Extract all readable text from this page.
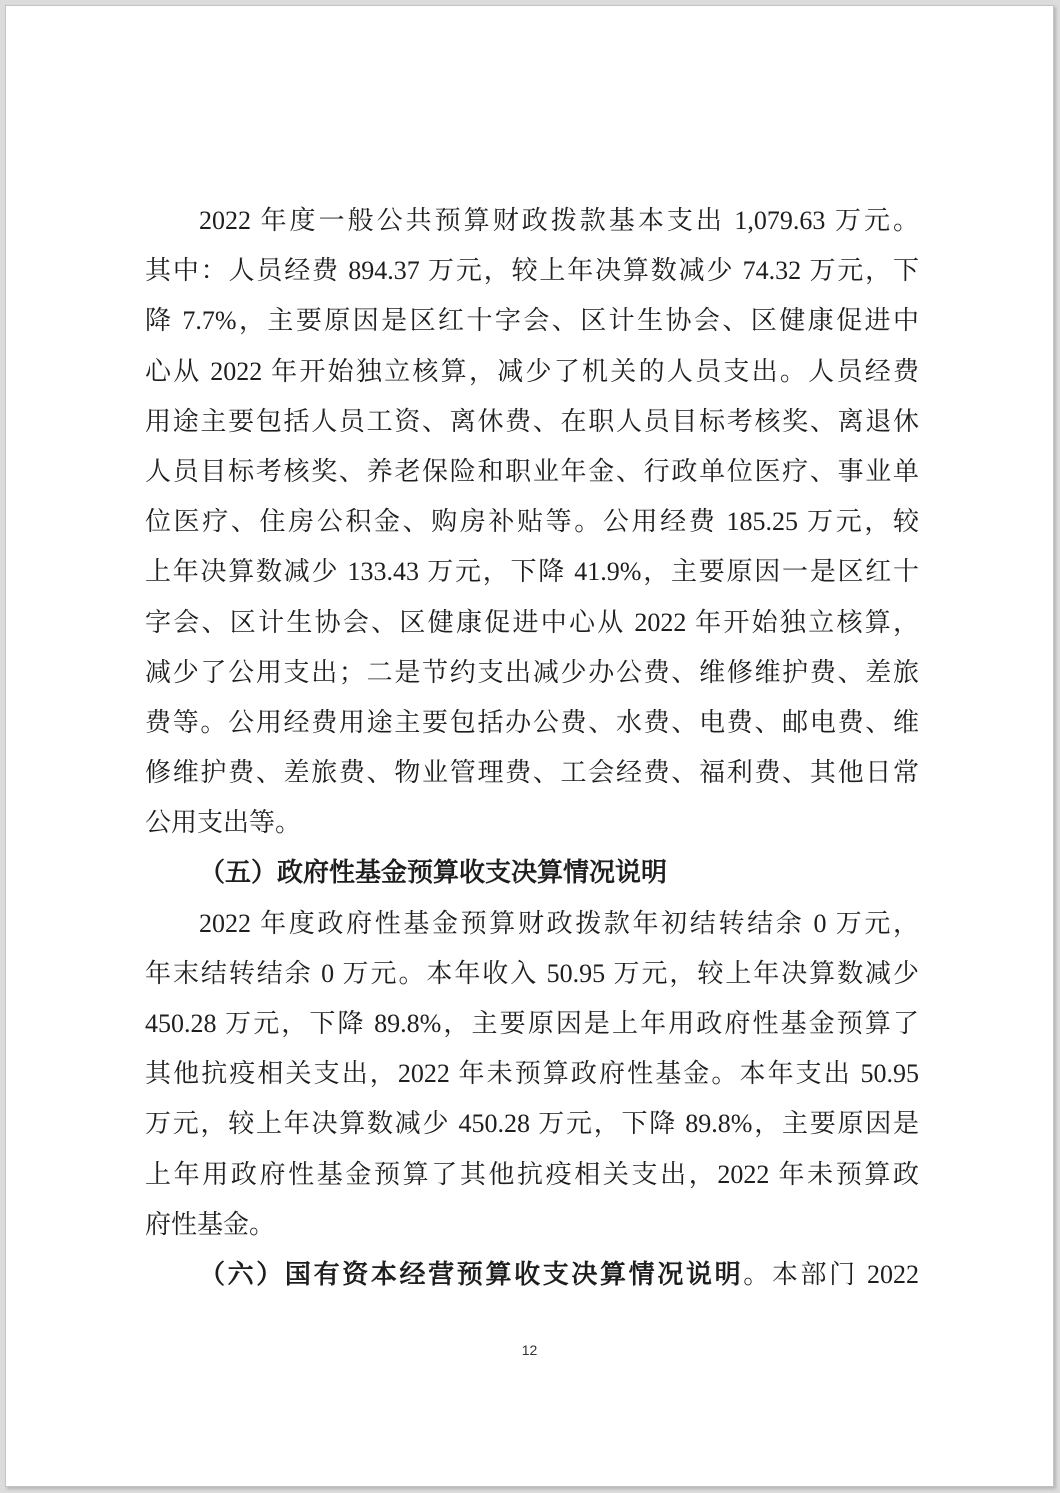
2022 年度一般公共预算财政拨款基本支出 1,079.63 万元。
其中：人员经费 894.37 万元，较上年决算数减少 74.32 万元，下
降 7.7%，主要原因是区红十字会、区计生协会、区健康促进中
心从 2022 年开始独立核算，减少了机关的人员支出。人员经费
用途主要包括人员工资、离休费、在职人员目标考核奖、离退休
人员目标考核奖、养老保险和职业年金、行政单位医疗、事业单
位医疗、住房公积金、购房补贴等。公用经费 185.25 万元，较
上年决算数减少 133.43 万元，下降 41.9%，主要原因一是区红十
字会、区计生协会、区健康促进中心从 2022 年开始独立核算，
减少了公用支出；二是节约支出减少办公费、维修维护费、差旅
费等。公用经费用途主要包括办公费、水费、电费、邮电费、维
修维护费、差旅费、物业管理费、工会经费、福利费、其他日常
公用支出等。
（五）政府性基金预算收支决算情况说明
2022 年度政府性基金预算财政拨款年初结转结余 0 万元，
年末结转结余 0 万元。本年收入 50.95 万元，较上年决算数减少
450.28 万元，下降 89.8%，主要原因是上年用政府性基金预算了
其他抗疫相关支出，2022 年未预算政府性基金。本年支出 50.95
万元，较上年决算数减少 450.28 万元，下降 89.8%，主要原因是
上年用政府性基金预算了其他抗疫相关支出，2022 年未预算政
府性基金。
（六）国有资本经营预算收支决算情况说明。本部门 2022
12
